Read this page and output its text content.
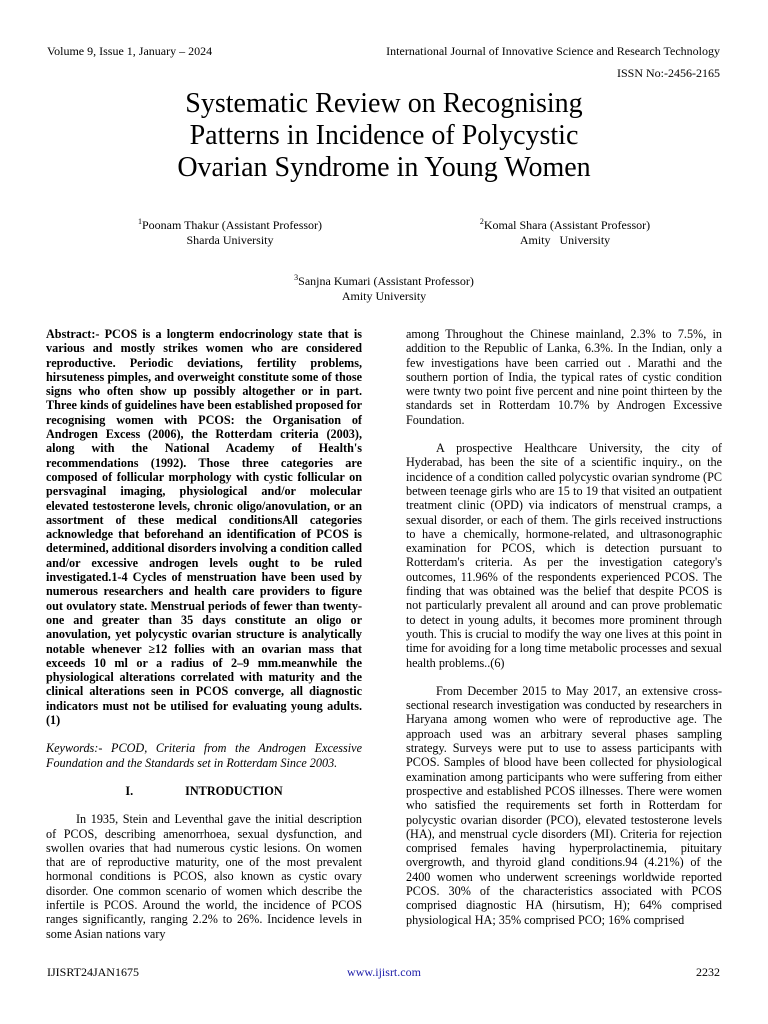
Volume 9, Issue 1, January – 2024	International Journal of Innovative Science and Research Technology
ISSN No:-2456-2165
Systematic Review on Recognising
Patterns in Incidence of Polycystic
Ovarian Syndrome in Young Women
$^1$Poonam Thakur (Assistant Professor)
Sharda University
$^2$Komal Shara (Assistant Professor)
Amity   University
$^3$Sanjna Kumari (Assistant Professor)
Amity University

Abstract:- PCOS is a longterm endocrinology state that is various and mostly strikes women who are considered reproductive. Periodic deviations, fertility problems, hirsuteness pimples, and overweight constitute some of those signs who often show up possibly altogether or in part. Three kinds of guidelines have been established proposed for recognising women with PCOS: the Organisation of Androgen Excess (2006), the Rotterdam criteria (2003), along with the National Academy of Health's recommendations (1992). Those three categories are composed of follicular morphology with cystic follicular on persvaginal imaging, physiological and/or molecular elevated testosterone levels, chronic oligo/anovulation, or an assortment of these medical conditionsAll categories acknowledge that beforehand an identification of PCOS is determined, additional disorders involving a condition called and/or excessive androgen levels ought to be ruled investigated.1-4 Cycles of menstruation have been used by numerous researchers and health care providers to figure out ovulatory state. Menstrual periods of fewer than twenty-one and greater than 35 days constitute an oligo or anovulation, yet polycystic ovarian structure is analytically notable whenever ≥12 follies with an ovarian mass that exceeds 10 ml or a radius of 2–9 mm.meanwhile the physiological alterations correlated with maturity and the clinical alterations seen in PCOS converge, all diagnostic indicators must not be utilised for evaluating young adults.(1)

Keywords:- PCOD, Criteria from the Androgen Excessive Foundation and the Standards set in Rotterdam Since 2003.

I.	INTRODUCTION

In 1935, Stein and Leventhal gave the initial description of PCOS, describing amenorrhoea, sexual dysfunction, and swollen ovaries that had numerous cystic lesions. On women that are of reproductive maturity, one of the most prevalent hormonal conditions is PCOS, also known as cystic ovary disorder. One common scenario of women which describe the infertile is PCOS. Around the world, the incidence of PCOS ranges significantly, ranging 2.2% to 26%. Incidence levels in some Asian nations vary

among Throughout the Chinese mainland, 2.3% to 7.5%, in addition to the Republic of Lanka, 6.3%. In the Indian, only a few investigations have been carried out . Marathi and the southern portion of India, the typical rates of cystic condition were twnty two point five percent and nine point thirteen by the standards set in Rotterdam 10.7% by Androgen Excessive Foundation.

A prospective Healthcare University, the city of Hyderabad, has been the site of a scientific inquiry., on the incidence of a condition called polycystic ovarian syndrome (PC between teenage girls who are 15 to 19 that visited an outpatient treatment clinic (OPD) via indicators of menstrual cramps, a sexual disorder, or each of them. The girls received instructions to have a chemically, hormone-related, and ultrasonographic examination for PCOS, which is detection pursuant to Rotterdam's criteria. As per the investigation category's outcomes, 11.96% of the respondents experienced PCOS. The finding that was obtained was the belief that despite PCOS is not particularly prevalent all around and can prove problematic to detect in young adults, it becomes more prominent through youth. This is crucial to modify the way one lives at this point in time for avoiding for a long time metabolic processes and sexual health problems..(6)

From December 2015 to May 2017, an extensive cross-sectional research investigation was conducted by researchers in Haryana among women who were of reproductive age. The approach used was an arbitrary several phases sampling strategy. Surveys were put to use to assess participants with PCOS. Samples of blood have been collected for physiological examination among participants who were suffering from either prospective and established PCOS illnesses. There were women who satisfied the requirements set forth in Rotterdam for polycystic ovarian disorder (PCO), elevated testosterone levels (HA), and menstrual cycle disorders (MI). Criteria for rejection comprised females having hyperprolactinemia, pituitary overgrowth, and thyroid gland conditions.94 (4.21%) of the 2400 women who underwent screenings worldwide reported PCOS. 30% of the characteristics associated with PCOS comprised diagnostic HA (hirsutism, H); 64% comprised physiological HA; 35% comprised PCO; 16% comprised

IJISRT24JAN1675	www.ijisrt.com	2232
